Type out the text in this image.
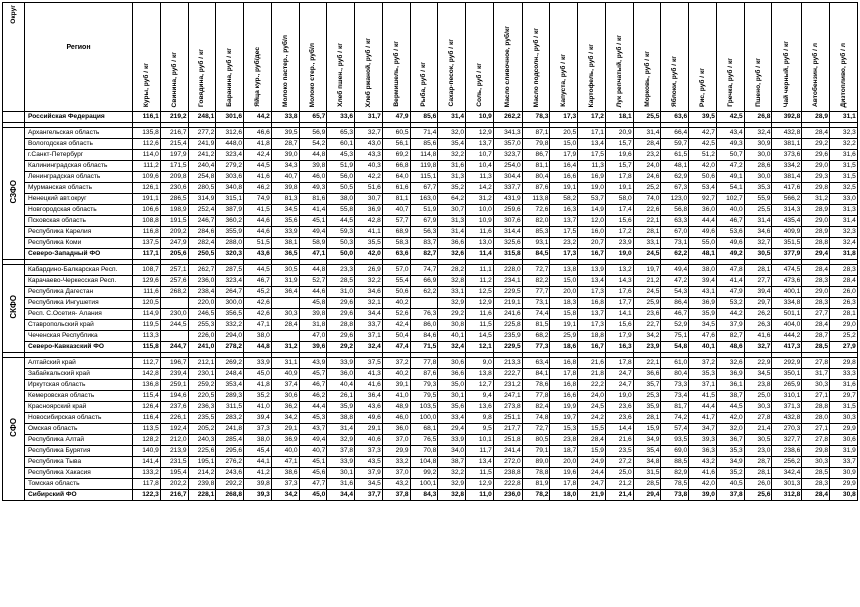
Округ	Регион	Куры, руб / кг	Свинина, руб / кг	Говядина, руб / кг	Баранина, руб / кг	Яйца кур., руб/дес	Молоко пастер., руб/л	Молоко стер., руб/л	Хлеб пшен., руб / кг	Хлеб ржаной, руб / кг	Вермишель, руб / кг	Рыба, руб / кг	Сахар-песок, руб / кг	Соль, руб / кг	Масло сливочное, руб/кг	Масло подсолн., руб / кг	Капуста, руб / кг	Картофель, руб / кг	Лук репчатый, руб / кг	Морковь, руб / кг	Яблоки, руб / кг	Рис, руб / кг	Гречка, руб / кг	Пшено, руб / кг	Чай черный, руб / кг	Автобензин, руб / л	Дизтопливо, руб / л
	Российская Федерация	116,1	219,2	248,1	301,6	44,2	33,8	65,7	33,6	31,7	47,9	85,6	31,4	10,9	262,2	78,3	17,3	17,2	18,1	25,5	63,6	39,5	42,5	26,8	392,8	28,9	31,1

СЗФО	Архангельская область	135,8	216,7	277,2	312,6	46,6	39,5	56,9	65,3	32,7	60,5	71,4	32,0	12,9	341,3	87,1	20,5	17,1	20,9	31,4	66,4	42,7	43,4	32,4	432,8	28,4	32,3
	Вологодская область	112,6	215,4	241,9	448,0	41,8	28,7	54,2	60,1	43,0	56,1	85,6	35,4	13,7	357,0	79,8	15,0	13,4	15,7	28,4	59,7	42,5	49,3	30,9	381,1	29,2	32,2
	г.Санкт-Петербург	114,0	197,9	241,2	323,4	42,4	39,0	44,8	45,3	43,3	69,2	114,8	32,2	10,7	323,7	86,7	17,9	17,5	19,6	23,2	61,5	51,2	50,7	30,0	373,6	29,6	31,6
	Калининградская область	111,2	171,5	240,4	279,2	44,5	34,3	39,8	51,9	40,3	66,8	119,8	31,6	10,4	254,0	81,1	16,4	11,3	15,7	24,0	48,1	42,0	47,2	28,6	334,2	29,0	31,5
	Ленинградская область	109,6	209,8	254,8	303,6	41,6	40,7	46,0	56,0	42,2	64,0	115,1	31,3	11,3	304,4	80,4	16,6	16,9	17,8	24,6	62,9	50,6	49,1	30,0	381,4	29,3	31,5
	Мурманская область	126,1	230,6	280,5	340,8	46,2	39,8	49,3	50,5	51,6	61,6	67,7	35,2	14,2	337,7	87,6	19,1	19,0	19,1	25,2	67,3	53,4	54,1	35,3	417,6	29,8	32,5
	Ненецкий авт.округ	191,1	286,5	314,9	315,1	74,9	81,3	81,6	38,0	30,7	81,1	163,0	64,2	31,2	431,9	113,8	58,2	53,7	58,0	74,0	123,0	92,7	102,7	55,9	566,2	31,2	33,0
	Новгородская область	106,6	198,9	252,4	387,9	41,5	34,5	41,4	55,8	36,9	40,7	51,9	30,7	10,0	259,6	72,6	16,3	14,9	17,4	22,6	56,8	36,0	40,0	25,5	314,3	28,9	31,3
	Псковская область	108,8	191,5	246,7	360,2	44,6	35,6	45,1	44,5	42,8	57,7	67,9	31,3	10,9	307,6	82,0	13,7	12,0	15,6	22,1	63,3	44,4	46,7	31,4	435,4	29,0	31,4
	Республика Карелия	116,8	209,2	284,6	355,9	44,6	33,9	49,4	59,3	41,1	68,9	56,3	31,4	11,6	314,4	85,3	17,5	16,0	17,2	28,1	67,0	49,6	53,6	34,6	409,9	28,9	32,3
	Республика Коми	137,5	247,9	282,4	288,0	51,5	38,1	58,9	50,3	35,5	58,3	83,7	36,6	13,0	325,6	93,1	23,2	20,7	23,9	33,1	73,1	55,0	49,6	32,7	351,5	28,8	32,4
	Северо-Западный ФО	117,1	205,6	250,5	320,3	43,6	36,5	47,1	50,0	42,0	63,6	82,7	32,6	11,4	315,8	84,5	17,3	16,7	19,0	24,5	62,2	48,1	49,2	30,5	377,9	29,4	31,8

СКФО	Кабардино-Балкарская Респ.	108,7	257,1	262,7	287,5	44,5	30,5	44,8	23,3	26,9	57,0	74,7	28,2	11,1	228,0	72,7	13,8	13,9	13,2	19,7	49,4	38,0	47,8	28,1	474,5	28,4	28,3
	Карачаево-Черкесская Респ.	129,6	257,6	236,0	323,4	46,7	31,9	52,7	28,5	32,2	55,4	66,9	32,8	11,2	234,1	82,2	15,0	13,4	14,3	21,2	47,2	39,4	41,4	27,7	473,6	28,3	28,4
	Республика Дагестан	111,6	268,2	238,4	264,7	45,2	36,4	44,6	31,0	34,6	50,6	62,2	33,1	12,5	229,5	77,7	20,0	17,3	17,6	24,5	54,3	43,1	47,9	39,4	400,1	29,0	26,0
	Республика Ингушетия	120,5		220,0	300,0	42,6		45,8	29,6	32,1	40,2		32,9	12,9	219,1	73,1	18,3	16,8	17,7	25,9	86,4	36,9	53,2	29,7	334,8	28,3	26,3
	Респ. С.Осетия- Алания	114,9	230,0	246,5	356,5	42,6	30,3	39,8	29,6	34,4	52,6	76,3	29,2	11,6	241,6	74,4	15,8	13,7	14,1	23,6	46,7	35,9	44,2	26,2	501,1	27,7	28,1
	Ставропольский край	119,5	244,5	255,3	332,2	47,1	28,4	31,8	28,8	33,7	42,4	86,0	30,8	11,5	225,8	81,5	19,1	17,3	15,6	22,7	52,9	34,5	37,9	26,3	404,0	28,4	29,0
	Чеченская Республика	113,3		226,0	294,0	38,0		47,0	29,6	37,1	50,4	84,6	40,1	14,5	235,9	68,2	25,9	18,8	17,9	34,2	75,1	47,6	82,7	41,6	444,2	28,7	25,2
	Северо-Кавказский ФО	115,8	244,7	241,0	278,2	44,8	31,2	39,6	29,2	32,4	47,4	71,5	32,4	12,1	229,5	77,3	18,6	16,7	16,3	23,9	54,8	40,1	48,6	32,7	417,3	28,5	27,9

СФО	Алтайский край	112,7	196,7	212,1	269,2	33,9	31,1	43,9	33,9	37,5	37,2	77,8	30,6	9,0	213,3	63,4	16,8	21,6	17,8	22,1	61,0	37,2	32,6	22,9	292,9	27,8	29,8
	Забайкальский край	142,8	239,4	230,1	248,4	45,0	40,9	45,7	36,0	41,3	40,2	87,6	36,6	13,8	222,7	84,1	17,8	21,8	24,7	36,6	80,4	35,3	36,9	34,5	350,1	31,7	33,3
	Иркутская область	136,8	259,1	259,2	353,4	41,8	37,4	46,7	40,4	41,6	39,1	79,3	35,0	12,7	231,2	78,6	16,8	22,2	24,7	35,7	73,3	37,1	36,1	23,8	265,9	30,3	31,6
	Кемеровская область	115,4	194,6	220,5	289,3	35,2	30,6	46,2	26,1	36,4	41,0	79,5	30,1	9,4	247,1	77,8	16,6	24,0	19,0	25,3	73,4	41,5	38,7	25,0	310,1	27,1	29,7
	Красноярский край	126,4	237,6	236,3	311,5	41,0	36,2	44,4	35,9	43,6	48,9	103,5	35,6	13,6	273,8	82,4	19,9	24,5	23,6	35,9	81,7	44,4	44,5	30,3	371,3	28,8	31,5
	Новосибирская область	116,4	226,1	235,5	283,2	39,4	34,2	45,3	38,8	49,6	46,0	100,0	33,4	9,8	251,1	74,8	19,7	24,2	23,6	28,1	74,2	41,7	42,0	27,8	432,8	28,0	30,3
	Омская область	113,5	192,4	205,2	241,8	37,3	29,1	43,7	31,4	29,1	36,0	68,1	29,4	9,5	217,7	72,7	15,3	15,5	14,4	15,9	57,4	34,7	32,0	21,4	270,3	27,1	29,9
	Республика Алтай	128,2	212,0	240,3	285,4	38,0	36,9	49,4	32,9	40,6	37,0	76,5	33,9	10,1	251,8	80,5	23,8	28,4	21,6	34,9	93,5	39,3	36,7	30,5	327,7	27,8	30,6
	Республика Бурятия	140,9	213,9	225,6	295,6	45,4	40,0	40,7	37,8	37,3	29,9	70,8	34,0	11,7	241,4	79,1	18,7	15,9	23,5	35,4	69,0	36,3	35,3	23,0	238,6	29,8	31,9
	Республика Тыва	141,4	231,5	195,1	276,2	44,1	47,1	45,1	33,9	43,5	33,2	104,8	38,7	13,4	272,0	89,0	20,0	24,9	27,2	34,8	88,5	43,2	34,9	28,7	256,2	30,3	33,7
	Республика Хакасия	133,2	195,4	214,2	243,6	41,2	38,6	45,6	30,1	37,9	37,0	99,2	32,2	11,5	238,8	78,8	19,6	24,4	25,0	31,5	82,9	41,6	35,2	28,1	342,4	28,5	30,9
	Томская область	117,8	202,2	239,8	292,2	39,8	37,3	47,7	31,6	34,5	43,2	100,1	32,9	12,9	222,8	81,9	17,8	24,7	21,2	28,5	78,5	42,0	40,5	26,0	301,3	28,3	29,9
	Сибирский ФО	122,3	216,7	228,1	268,8	39,3	34,2	45,0	34,4	37,7	37,8	84,3	32,8	11,0	236,0	78,2	18,0	21,9	21,4	29,4	73,8	39,0	37,8	25,6	312,8	28,4	30,8
